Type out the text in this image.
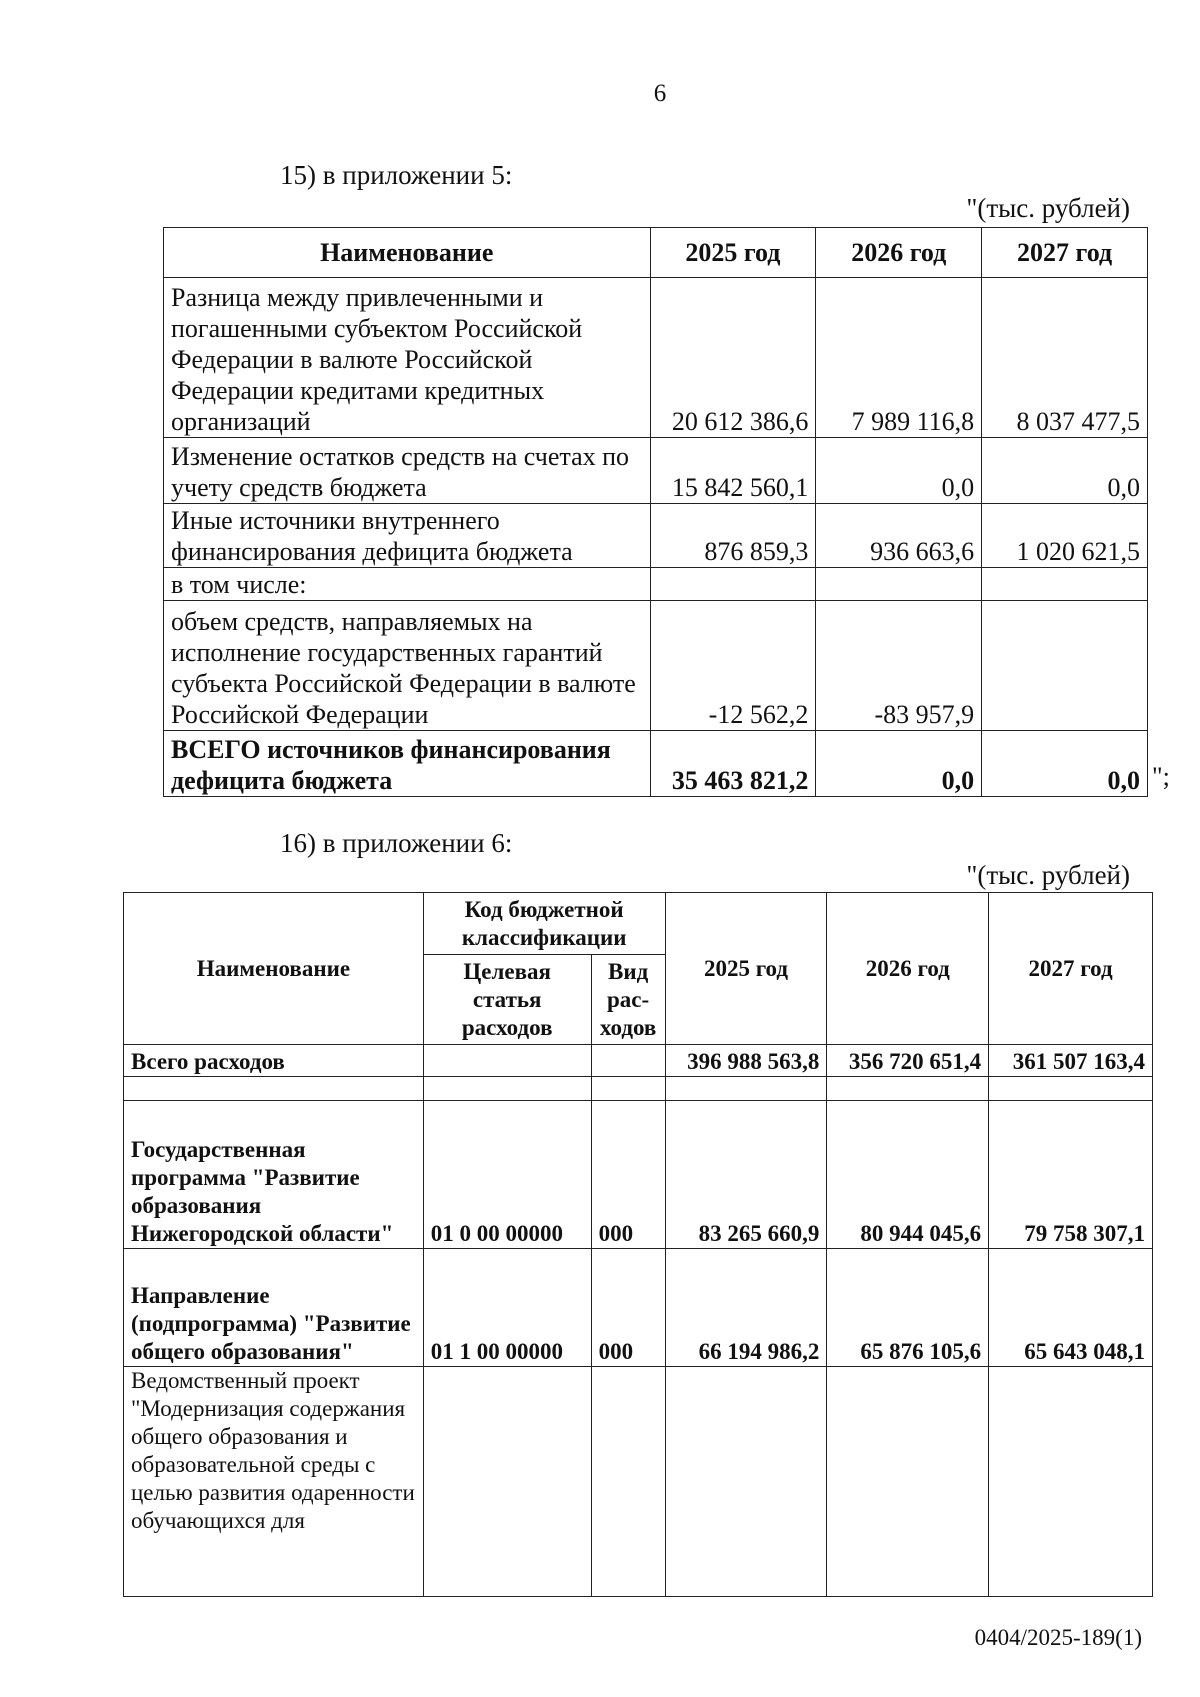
6
15) в приложении 5:
"(тыс. рублей)
Наименование	2025 год	2026 год	2027 год
Разница между привлеченными и погашенными субъектом Российской Федерации в валюте Российской Федерации кредитами кредитных организаций	20 612 386,6	7 989 116,8	8 037 477,5
Изменение остатков средств на счетах по учету средств бюджета	15 842 560,1	0,0	0,0
Иные источники внутреннего финансирования дефицита бюджета	876 859,3	936 663,6	1 020 621,5
в том числе:			
объем средств, направляемых на исполнение государственных гарантий субъекта Российской Федерации в валюте Российской Федерации	-12 562,2	-83 957,9	
ВСЕГО источников финансирования дефицита бюджета	35 463 821,2	0,0	0,0 ";
16) в приложении 6:
"(тыс. рублей)
Наименование	Код бюджетной классификации		2025 год	2026 год	2027 год
	Целевая статья расходов	Вид рас-ходов			
Всего расходов			396 988 563,8	356 720 651,4	361 507 163,4

Государственная программа "Развитие образования Нижегородской области"	01 0 00 00000	000	83 265 660,9	80 944 045,6	79 758 307,1
Направление (подпрограмма) "Развитие общего образования"	01 1 00 00000	000	66 194 986,2	65 876 105,6	65 643 048,1
Ведомственный проект "Модернизация содержания общего образования и образовательной среды с целью развития одаренности обучающихся для					
0404/2025-189(1)
